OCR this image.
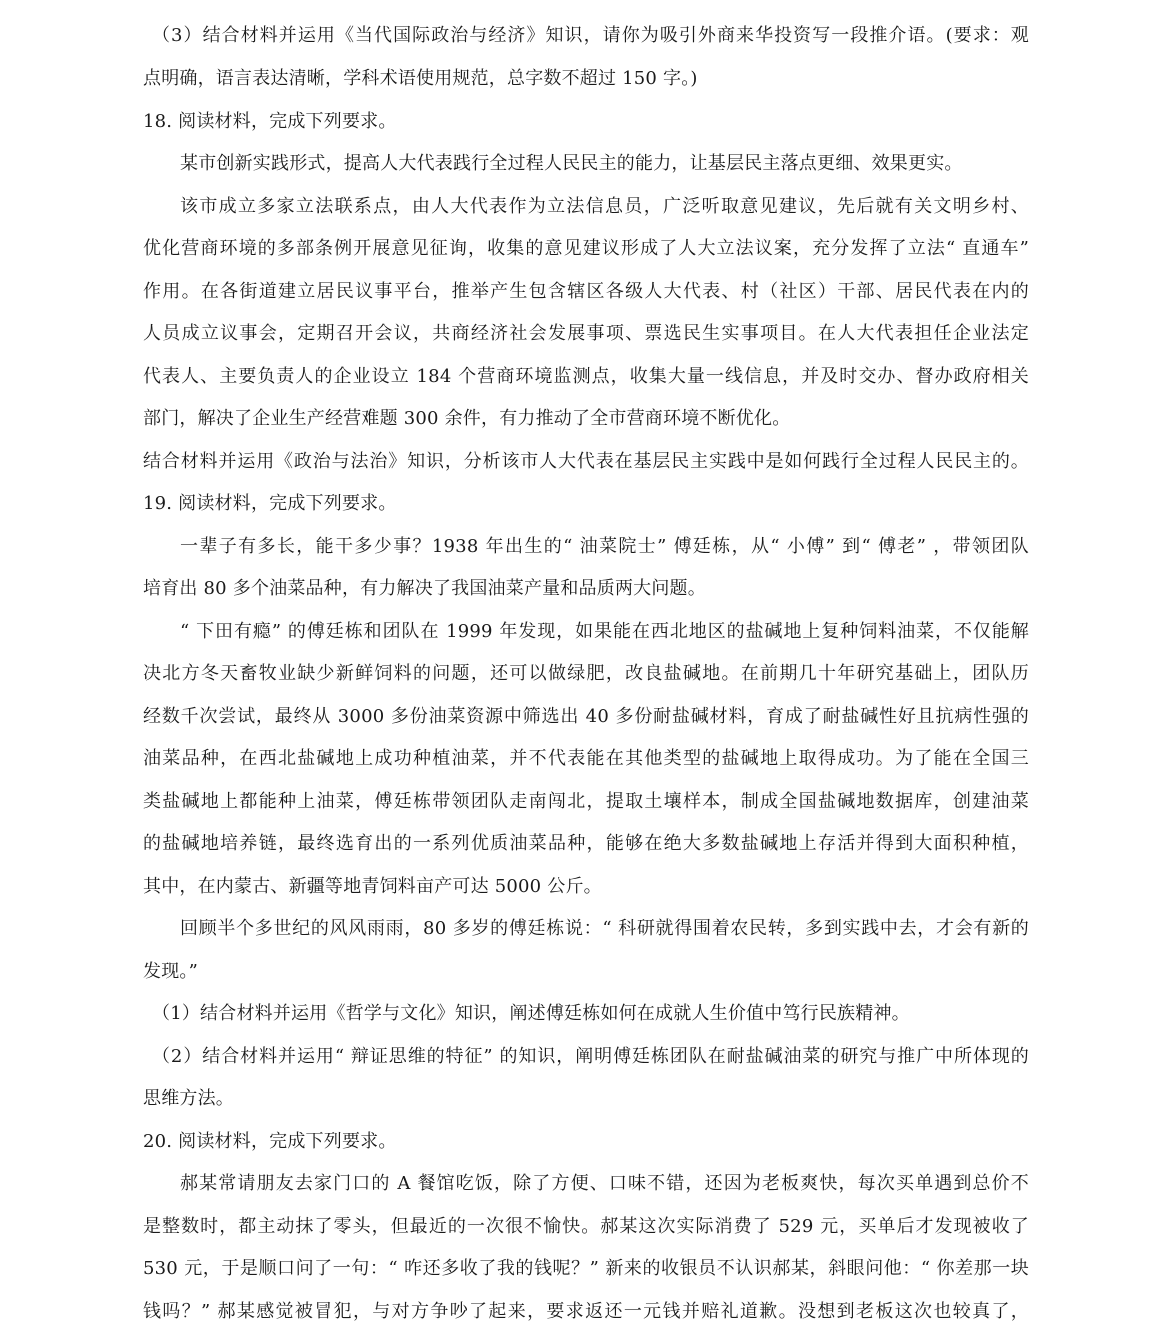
（3）结合材料并运用《当代国际政治与经济》知识，请你为吸引外商来华投资写一段推介语。(要求：观
点明确，语言表达清晰，学科术语使用规范，总字数不超过 150 字。)
18. 阅读材料，完成下列要求。
某市创新实践形式，提高人大代表践行全过程人民民主的能力，让基层民主落点更细、效果更实。
该市成立多家立法联系点，由人大代表作为立法信息员，广泛听取意见建议，先后就有关文明乡村、
优化营商环境的多部条例开展意见征询，收集的意见建议形成了人大立法议案，充分发挥了立法“ 直通车”
作用。在各街道建立居民议事平台，推举产生包含辖区各级人大代表、村（社区）干部、居民代表在内的
人员成立议事会，定期召开会议，共商经济社会发展事项、票选民生实事项目。在人大代表担任企业法定
代表人、主要负责人的企业设立 184 个营商环境监测点，收集大量一线信息，并及时交办、督办政府相关
部门，解决了企业生产经营难题 300 余件，有力推动了全市营商环境不断优化。
结合材料并运用《政治与法治》知识，分析该市人大代表在基层民主实践中是如何践行全过程人民民主的。
19. 阅读材料，完成下列要求。
一辈子有多长，能干多少事？1938 年出生的“ 油菜院士” 傅廷栋，从“ 小傅” 到“ 傅老” ，带领团队
培育出 80 多个油菜品种，有力解决了我国油菜产量和品质两大问题。
“ 下田有瘾” 的傅廷栋和团队在 1999 年发现，如果能在西北地区的盐碱地上复种饲料油菜，不仅能解
决北方冬天畜牧业缺少新鲜饲料的问题，还可以做绿肥，改良盐碱地。在前期几十年研究基础上，团队历
经数千次尝试，最终从 3000 多份油菜资源中筛选出 40 多份耐盐碱材料，育成了耐盐碱性好且抗病性强的
油菜品种，在西北盐碱地上成功种植油菜，并不代表能在其他类型的盐碱地上取得成功。为了能在全国三
类盐碱地上都能种上油菜，傅廷栋带领团队走南闯北，提取土壤样本，制成全国盐碱地数据库，创建油菜
的盐碱地培养链，最终选育出的一系列优质油菜品种，能够在绝大多数盐碱地上存活并得到大面积种植，
其中，在内蒙古、新疆等地青饲料亩产可达 5000 公斤。
回顾半个多世纪的风风雨雨，80 多岁的傅廷栋说：“ 科研就得围着农民转，多到实践中去，才会有新的
发现。”
（1）结合材料并运用《哲学与文化》知识，阐述傅廷栋如何在成就人生价值中笃行民族精神。
（2）结合材料并运用“ 辩证思维的特征” 的知识，阐明傅廷栋团队在耐盐碱油菜的研究与推广中所体现的
思维方法。
20. 阅读材料，完成下列要求。
郝某常请朋友去家门口的 A 餐馆吃饭，除了方便、口味不错，还因为老板爽快，每次买单遇到总价不
是整数时，都主动抹了零头，但最近的一次很不愉快。郝某这次实际消费了 529 元，买单后才发现被收了
530 元，于是顺口问了一句：“ 咋还多收了我的钱呢？” 新来的收银员不认识郝某，斜眼问他：“ 你差那一块
钱吗？” 郝某感觉被冒犯，与对方争吵了起来，要求返还一元钱并赔礼道歉。没想到老板这次也较真了，
